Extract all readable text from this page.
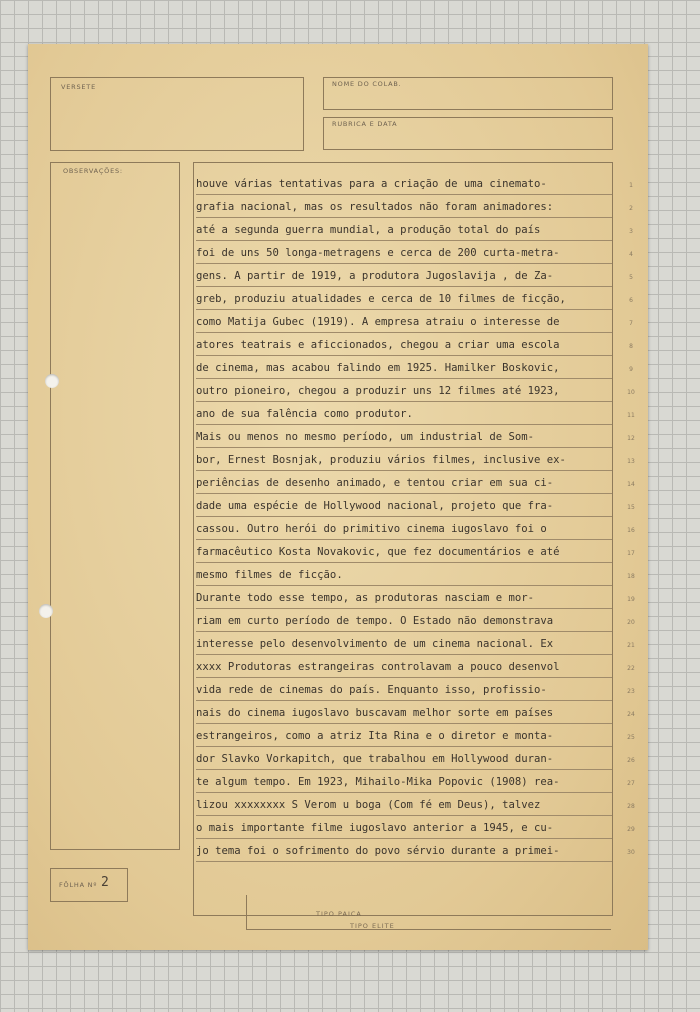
VERSETE	NOME DO COLAB.
RUBRICA E DATA
OBSERVAÇÕES:
FÔLHA Nº 2
TIPO PAICA
TIPO ELITE
houve várias tentativas para a criação de uma cinemato-
grafia nacional, mas os resultados não foram animadores:
até a segunda guerra mundial, a produção total do país
foi de uns 50 longa-metragens e cerca de 200 curta-metra-
gens. A partir de 1919, a produtora Jugoslavija , de Za-
greb, produziu atualidades e cerca de 10 filmes de ficção,
como Matija Gubec (1919). A empresa atraiu o interesse de
atores teatrais e aficcionados, chegou a criar uma escola
de cinema, mas acabou falindo em 1925. Hamilker Boskovic,
outro pioneiro, chegou a produzir uns 12 filmes até 1923,
ano de sua falência como produtor.
Mais ou menos no mesmo período, um industrial de Som-
bor, Ernest Bosnjak, produziu vários filmes, inclusive ex-
periências de desenho animado, e tentou criar em sua ci-
dade uma espécie de Hollywood nacional, projeto que fra-
cassou. Outro herói do primitivo cinema iugoslavo foi o
farmacêutico Kosta Novakovic, que fez documentários e até
mesmo filmes de ficção.
Durante todo esse tempo, as produtoras nasciam e mor-
riam em curto período de tempo. O Estado não demonstrava
interesse pelo desenvolvimento de um cinema nacional. Ex
xxxx Produtoras estrangeiras controlavam a pouco desenvol
vida rede de cinemas do país. Enquanto isso, profissio-
nais do cinema iugoslavo buscavam melhor sorte em países
estrangeiros, como a atriz Ita Rina e o diretor e monta-
dor Slavko Vorkapitch, que trabalhou em Hollywood duran-
te algum tempo. Em 1923, Mihailo-Mika Popovic (1908) rea-
lizou xxxxxxxx S Verom u boga (Com fé em Deus), talvez
o mais importante filme iugoslavo anterior a 1945, e cu-
jo tema foi o sofrimento do povo sérvio durante a primei-
1
2
3
4
5
6
7
8
9
10
11
12
13
14
15
16
17
18
19
20
21
22
23
24
25
26
27
28
29
30
